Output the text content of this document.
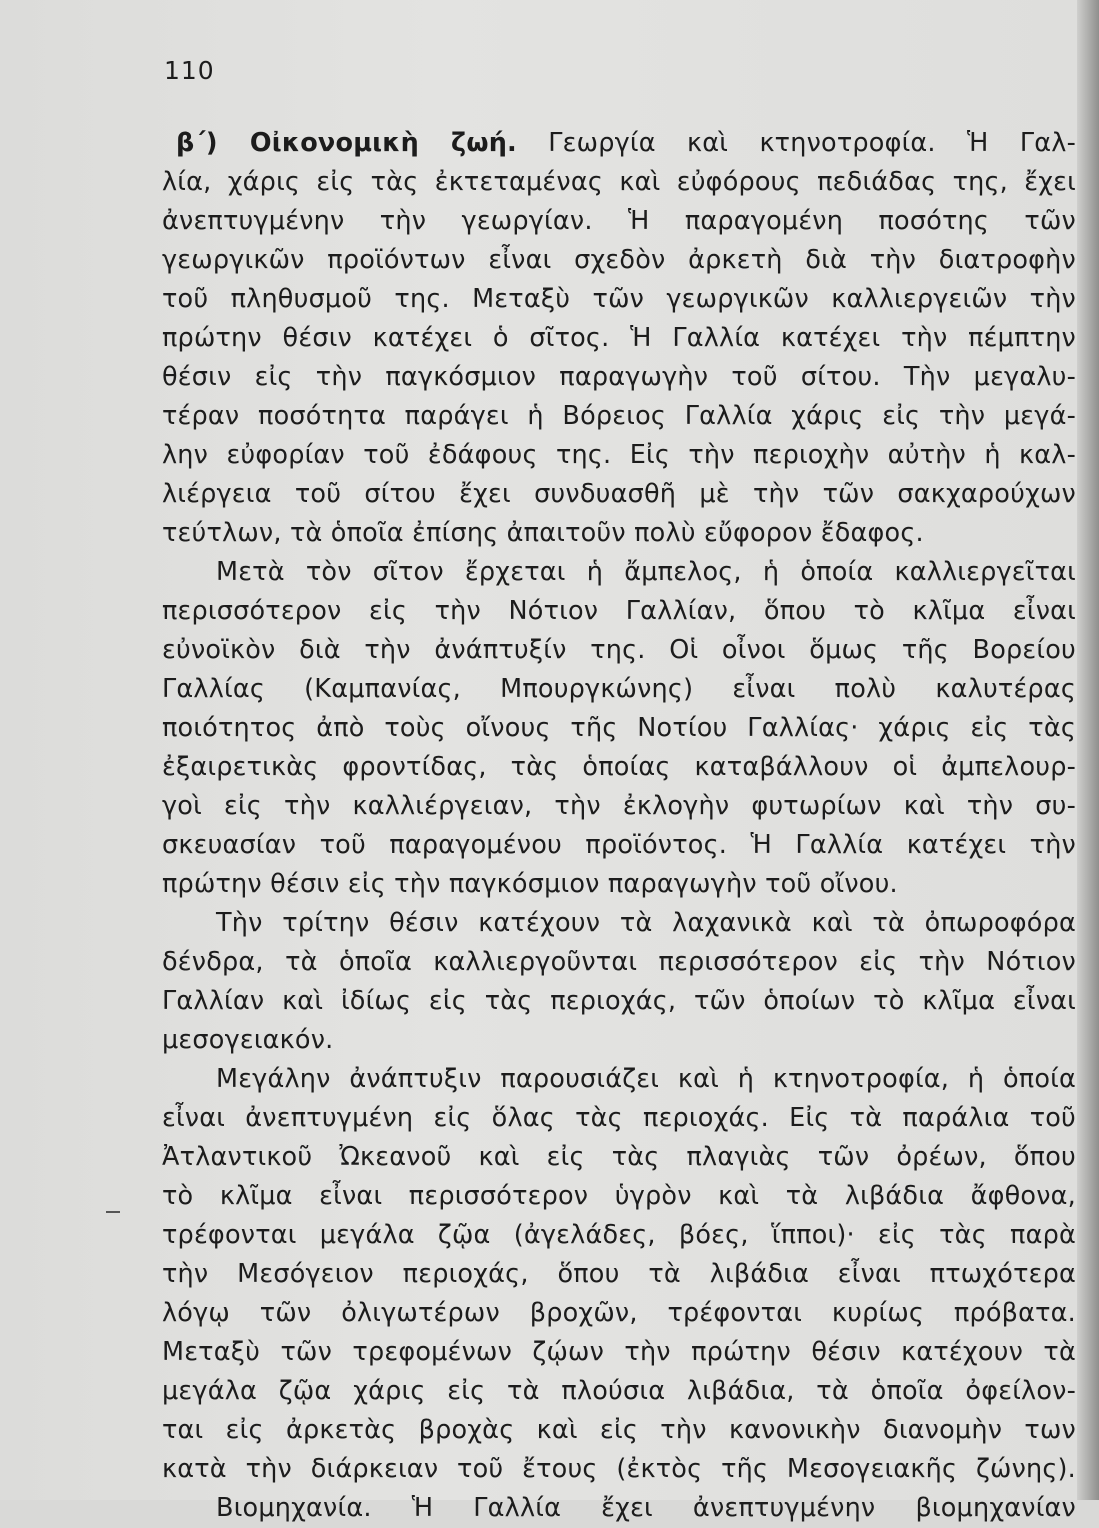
110
β΄) Οἰκονομικὴ ζωή. Γεωργία καὶ κτηνοτροφία. Ἡ Γαλ-
λία, χάρις εἰς τὰς ἐκτεταμένας καὶ εὐφόρους πεδιάδας της, ἔχει
ἀνεπτυγμένην τὴν γεωργίαν. Ἡ παραγομένη ποσότης τῶν
γεωργικῶν προϊόντων εἶναι σχεδὸν ἀρκετὴ διὰ τὴν διατροφὴν
τοῦ πληθυσμοῦ της. Μεταξὺ τῶν γεωργικῶν καλλιεργειῶν τὴν
πρώτην θέσιν κατέχει ὁ σῖτος. Ἡ Γαλλία κατέχει τὴν πέμπτην
θέσιν εἰς τὴν παγκόσμιον παραγωγὴν τοῦ σίτου. Τὴν μεγαλυ-
τέραν ποσότητα παράγει ἡ Βόρειος Γαλλία χάρις εἰς τὴν μεγά-
λην εὐφορίαν τοῦ ἐδάφους της. Εἰς τὴν περιοχὴν αὐτὴν ἡ καλ-
λιέργεια τοῦ σίτου ἔχει συνδυασθῆ μὲ τὴν τῶν σακχαρούχων
τεύτλων, τὰ ὁποῖα ἐπίσης ἀπαιτοῦν πολὺ εὔφορον ἔδαφος.
Μετὰ τὸν σῖτον ἔρχεται ἡ ἄμπελος, ἡ ὁποία καλλιεργεῖται
περισσότερον εἰς τὴν Νότιον Γαλλίαν, ὅπου τὸ κλῖμα εἶναι
εὐνοϊκὸν διὰ τὴν ἀνάπτυξίν της. Οἱ οἶνοι ὅμως τῆς Βορείου
Γαλλίας (Καμπανίας, Μπουργκώνης) εἶναι πολὺ καλυτέρας
ποιότητος ἀπὸ τοὺς οἴνους τῆς Νοτίου Γαλλίας· χάρις εἰς τὰς
ἐξαιρετικὰς φροντίδας, τὰς ὁποίας καταβάλλουν οἱ ἀμπελουρ-
γοὶ εἰς τὴν καλλιέργειαν, τὴν ἐκλογὴν φυτωρίων καὶ τὴν συ-
σκευασίαν τοῦ παραγομένου προϊόντος. Ἡ Γαλλία κατέχει τὴν
πρώτην θέσιν εἰς τὴν παγκόσμιον παραγωγὴν τοῦ οἴνου.
Τὴν τρίτην θέσιν κατέχουν τὰ λαχανικὰ καὶ τὰ ὀπωροφόρα
δένδρα, τὰ ὁποῖα καλλιεργοῦνται περισσότερον εἰς τὴν Νότιον
Γαλλίαν καὶ ἰδίως εἰς τὰς περιοχάς, τῶν ὁποίων τὸ κλῖμα εἶναι
μεσογειακόν.
Μεγάλην ἀνάπτυξιν παρουσιάζει καὶ ἡ κτηνοτροφία, ἡ ὁποία
εἶναι ἀνεπτυγμένη εἰς ὅλας τὰς περιοχάς. Εἰς τὰ παράλια τοῦ
Ἀτλαντικοῦ Ὠκεανοῦ καὶ εἰς τὰς πλαγιὰς τῶν ὀρέων, ὅπου
τὸ κλῖμα εἶναι περισσότερον ὑγρὸν καὶ τὰ λιβάδια ἄφθονα,
τρέφονται μεγάλα ζῷα (ἀγελάδες, βόες, ἵπποι)· εἰς τὰς παρὰ
τὴν Μεσόγειον περιοχάς, ὅπου τὰ λιβάδια εἶναι πτωχότερα
λόγῳ τῶν ὀλιγωτέρων βροχῶν, τρέφονται κυρίως πρόβατα.
Μεταξὺ τῶν τρεφομένων ζῴων τὴν πρώτην θέσιν κατέχουν τὰ
μεγάλα ζῷα χάρις εἰς τὰ πλούσια λιβάδια, τὰ ὁποῖα ὀφείλον-
ται εἰς ἀρκετὰς βροχὰς καὶ εἰς τὴν κανονικὴν διανομὴν των
κατὰ τὴν διάρκειαν τοῦ ἔτους (ἐκτὸς τῆς Μεσογειακῆς ζώνης).
Βιομηχανία. Ἡ Γαλλία ἔχει ἀνεπτυγμένην βιομηχανίαν
